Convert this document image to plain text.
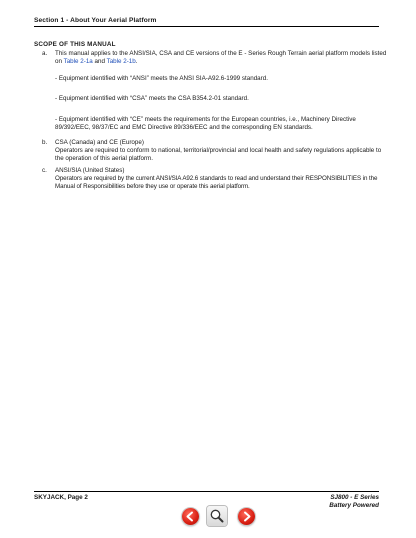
Section 1 - About Your Aerial Platform
SCOPE OF THIS MANUAL
a. This manual applies to the ANSI/SIA, CSA and CE versions of the E - Series Rough Terrain aerial platform models listed on Table 2-1a and Table 2-1b.
- Equipment identified with “ANSI” meets the ANSI SIA-A92.6-1999 standard.
- Equipment identified with “CSA” meets the CSA B354.2-01 standard.
- Equipment identified with “CE” meets the requirements for the European countries, i.e., Machinery Directive 89/392/EEC, 98/37/EC and EMC Directive 89/336/EEC and the corresponding EN standards.
b. CSA (Canada) and CE (Europe)
Operators are required to conform to national, territorial/provincial and local health and safety regulations applicable to the operation of this aerial platform.
c. ANSI/SIA (United States)
Operators are required by the current ANSI/SIA A92.6 standards to read and understand their RESPONSIBILITIES in the Manual of Responsibilities before they use or operate this aerial platform.
SKYJACK, Page 2	SJ800 - E Series
Battery Powered
